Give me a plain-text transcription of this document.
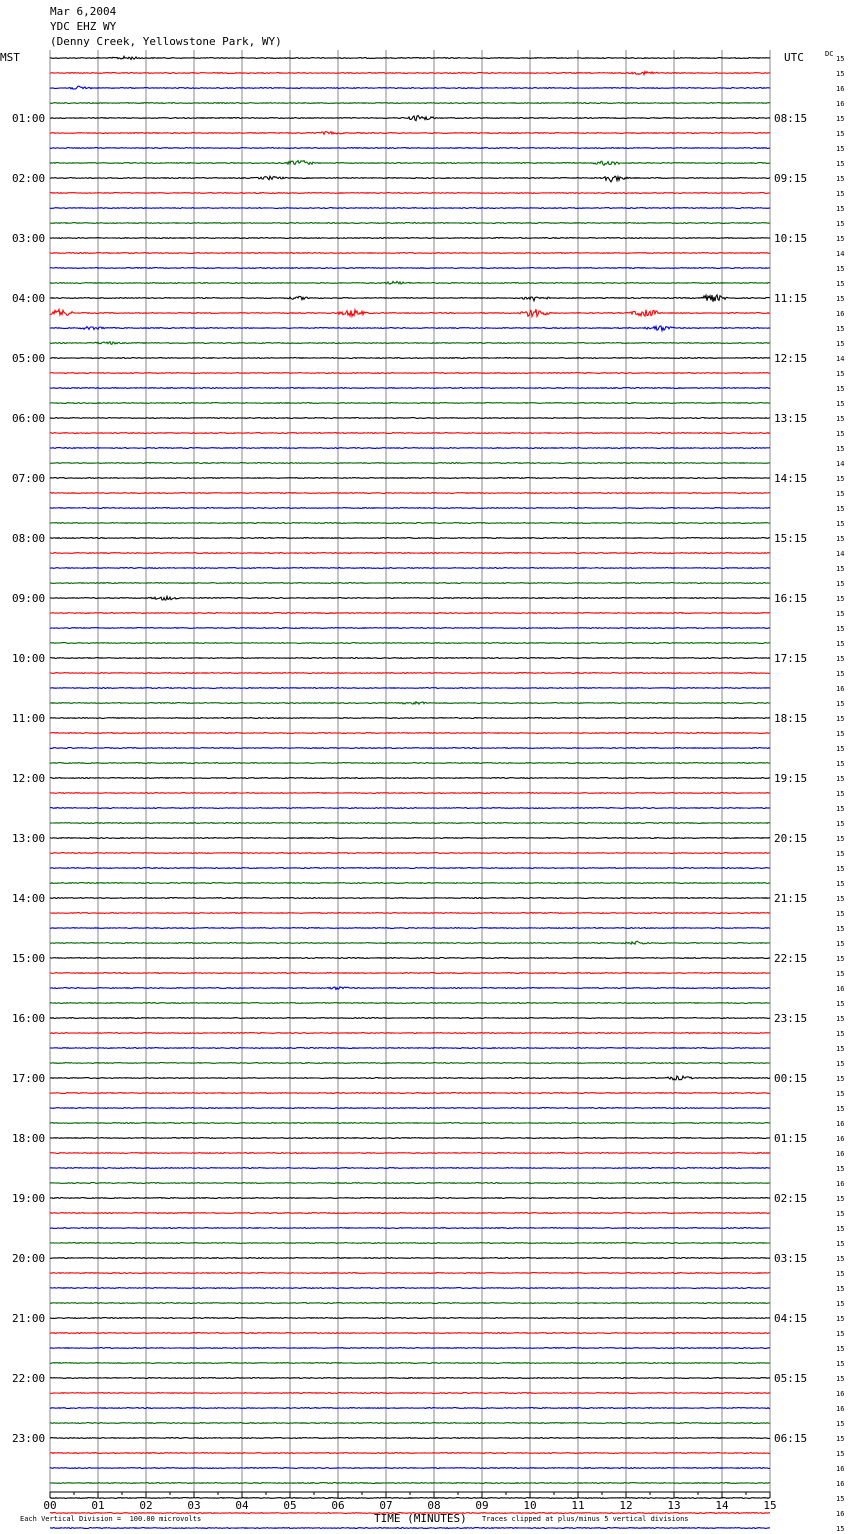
Mar 6,2004
YDC EHZ WY
(Denny Creek, Yellowstone Park, WY)
MST	UTC	DC
01:00
02:00
03:00
04:00
05:00
06:00
07:00
08:00
09:00
10:00
11:00
12:00
13:00
14:00
15:00
16:00
17:00
18:00
19:00
20:00
21:00
22:00
23:00
08:15
09:15
10:15
11:15
12:15
13:15
14:15
15:15
16:15
17:15
18:15
19:15
20:15
21:15
22:15
23:15
00:15
01:15
02:15
03:15
04:15
05:15
06:15
15
15
16
16
15
15
15
15
15
15
15
15
15
14
15
15
15
16
15
15
14
15
15
15
15
15
15
14
15
15
15
15
15
14
15
15
15
15
15
15
15
15
16
15
15
15
15
15
15
15
15
15
15
15
15
15
15
15
15
15
15
15
16
15
15
15
15
15
15
15
15
16
16
16
15
16
15
15
15
15
15
15
15
15
15
15
15
15
15
16
16
15
15
15
16
16
15
16
15
00	01	02	03	04	05	06	07	08	09	10	11	12	13	14	15
Each Vertical Division =  100.00 microvolts	TIME (MINUTES) Traces clipped at plus/minus 5 vertical divisions
